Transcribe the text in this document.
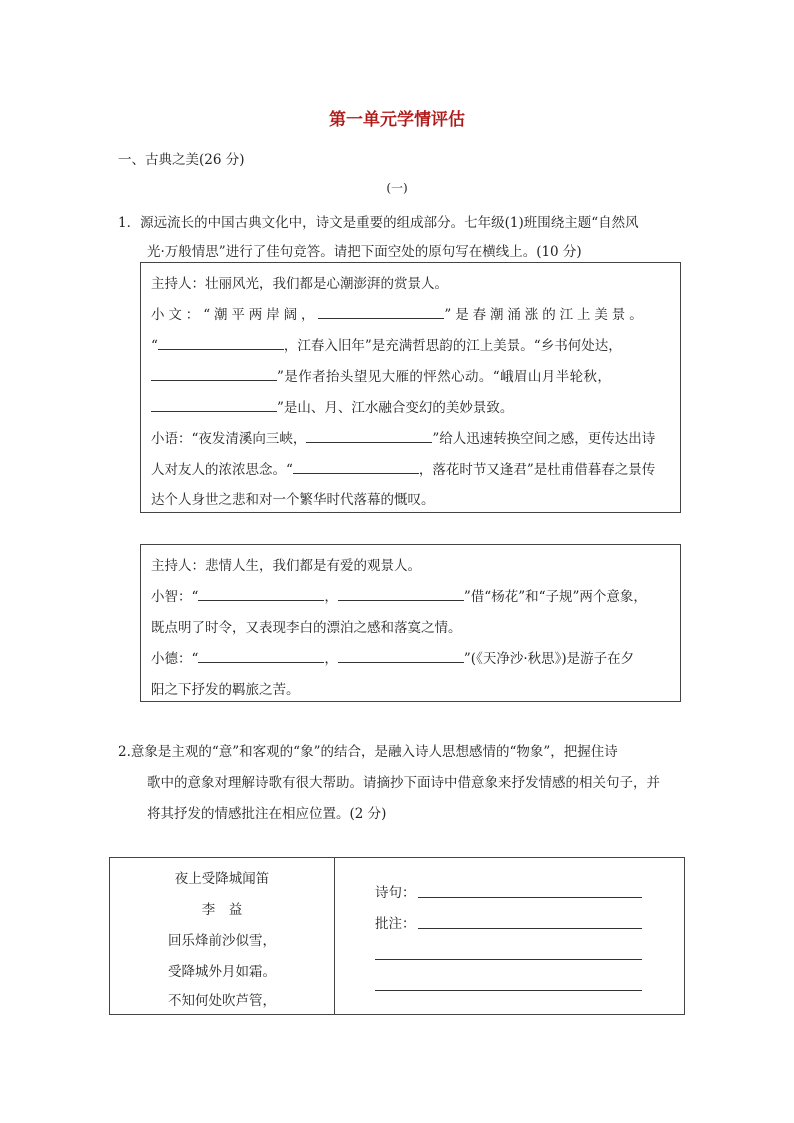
第一单元学情评估
一、古典之美(26 分)
(一)
1．源远流长的中国古典文化中，诗文是重要的组成部分。七年级(1)班围绕主题“自然风
光·万般情思”进行了佳句竞答。请把下面空处的原句写在横线上。(10 分)
主持人：壮丽风光，我们都是心潮澎湃的赏景人。
小文：“潮平两岸阔，	”是春潮涌涨的江上美景。
“	，江春入旧年”是充满哲思韵的江上美景。“乡书何处达，
”是作者抬头望见大雁的怦然心动。“峨眉山月半轮秋，
”是山、月、江水融合变幻的美妙景致。
小语：“夜发清溪向三峡，	”给人迅速转换空间之感，更传达出诗
人对友人的浓浓思念。“	，落花时节又逢君”是杜甫借暮春之景传
达个人身世之悲和对一个繁华时代落幕的慨叹。
主持人：悲情人生，我们都是有爱的观景人。
小智：“	，	”借“杨花”和“子规”两个意象，
既点明了时令，又表现李白的漂泊之感和落寞之情。
小德：“	，	”(《天净沙·秋思》)是游子在夕
阳之下抒发的羁旅之苦。
2.意象是主观的“意”和客观的“象”的结合，是融入诗人思想感情的“物象”，把握住诗
歌中的意象对理解诗歌有很大帮助。请摘抄下面诗中借意象来抒发情感的相关句子，并
将其抒发的情感批注在相应位置。(2 分)
夜上受降城闻笛
李　益
回乐烽前沙似雪，
受降城外月如霜。
不知何处吹芦管，
诗句：
批注：
